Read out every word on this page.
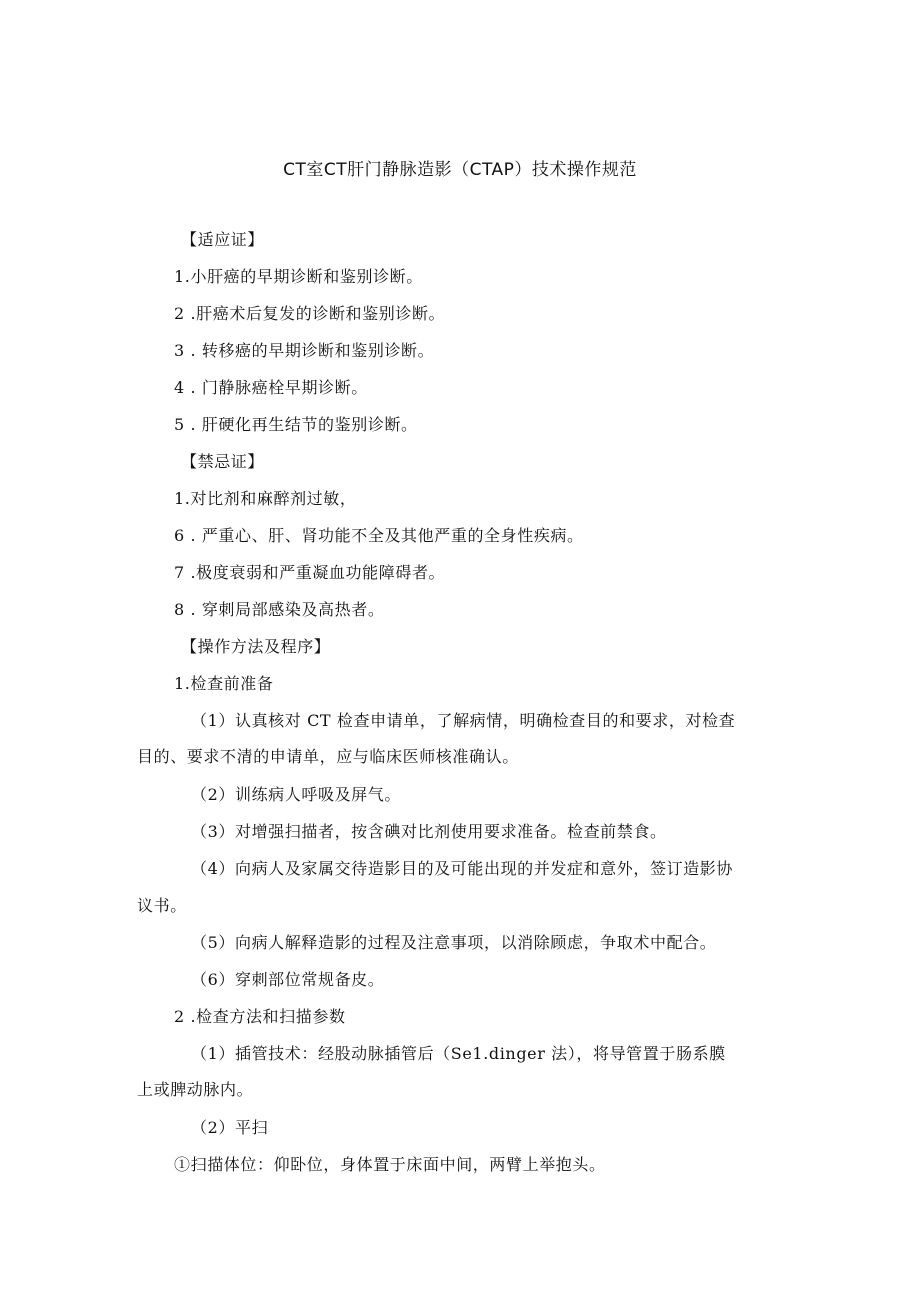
CT室CT肝门静脉造影（CTAP）技术操作规范
【适应证】
1.小肝癌的早期诊断和鉴别诊断。
2 .肝癌术后复发的诊断和鉴别诊断。
3 . 转移癌的早期诊断和鉴别诊断。
4 . 门静脉癌栓早期诊断。
5 . 肝硬化再生结节的鉴别诊断。
【禁忌证】
1.对比剂和麻醉剂过敏，
6 . 严重心、肝、肾功能不全及其他严重的全身性疾病。
7 .极度衰弱和严重凝血功能障碍者。
8 . 穿刺局部感染及高热者。
【操作方法及程序】
1.检查前准备
（1）认真核对 CT 检查申请单，了解病情，明确检查目的和要求，对检查
目的、要求不清的申请单，应与临床医师核准确认。
（2）训练病人呼吸及屏气。
（3）对增强扫描者，按含碘对比剂使用要求准备。检查前禁食。
（4）向病人及家属交待造影目的及可能出现的并发症和意外，签订造影协
议书。
（5）向病人解释造影的过程及注意事项，以消除顾虑，争取术中配合。
（6）穿刺部位常规备皮。
2 .检查方法和扫描参数
（1）插管技术：经股动脉插管后（Se1.dinger 法），将导管置于肠系膜
上或脾动脉内。
（2）平扫
①扫描体位：仰卧位，身体置于床面中间，两臂上举抱头。
